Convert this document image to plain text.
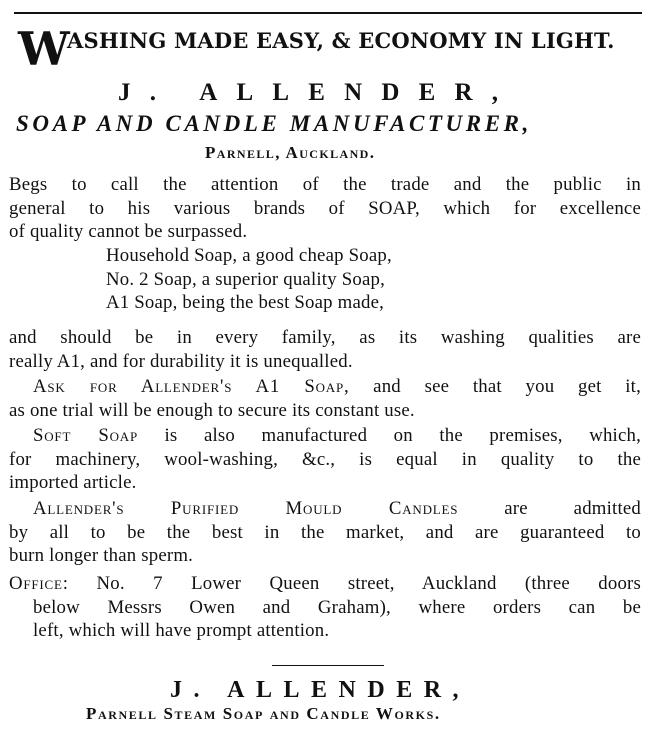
W
ASHING MADE EASY, & ECONOMY IN LIGHT.
J. ALLENDER,
SOAP AND CANDLE MANUFACTURER,
Parnell, Auckland.
Begs to call the attention of the trade and the public in
general to his various brands of SOAP, which for excellence
of quality cannot be surpassed.
Household Soap, a good cheap Soap,
No. 2 Soap, a superior quality Soap,
A1 Soap, being the best Soap made,
and should be in every family, as its washing qualities are
really A1, and for durability it is unequalled.
Ask for Allender's A1 Soap, and see that you get it,
as one trial will be enough to secure its constant use.
Soft Soap is also manufactured on the premises, which,
for machinery, wool-washing, &c., is equal in quality to the
imported article.
Allender's Purified Mould Candles are admitted
by all to be the best in the market, and are guaranteed to
burn longer than sperm.
Office: No. 7 Lower Queen street, Auckland (three doors
below Messrs Owen and Graham), where orders can be
left, which will have prompt attention.
J. ALLENDER,
Parnell Steam Soap and Candle Works.
